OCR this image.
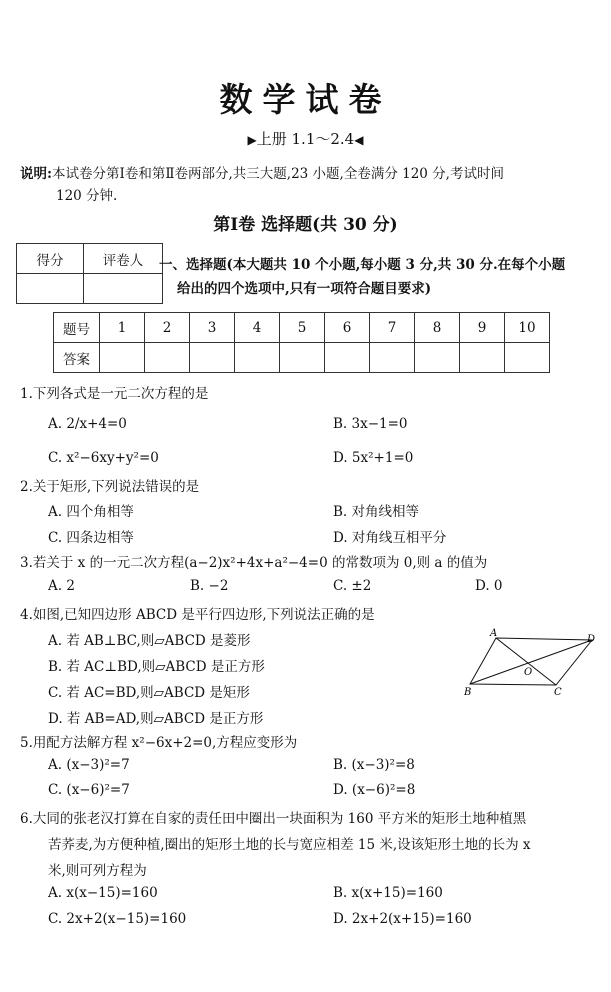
数学试卷
▶上册 1.1～2.4◀
说明:本试卷分第Ⅰ卷和第Ⅱ卷两部分,共三大题,23 小题,全卷满分 120 分,考试时间
120 分钟.
第Ⅰ卷 选择题(共 30 分)
得分	评卷人
	一、选择题(本大题共 10 个小题,每小题 3 分,共 30 分.在每个小题
给出的四个选项中,只有一项符合题目要求)
题号	1	2	3	4	5	6	7	8	9	10
答案										
1.下列各式是一元二次方程的是
A. 2/x+4=0	B. 3x−1=0
C. x²−6xy+y²=0	D. 5x²+1=0
2.关于矩形,下列说法错误的是
A. 四个角相等	B. 对角线相等
C. 四条边相等	D. 对角线互相平分
3.若关于 x 的一元二次方程(a−2)x²+4x+a²−4=0 的常数项为 0,则 a 的值为
A. 2	B. −2	C. ±2	D. 0
4.如图,已知四边形 ABCD 是平行四边形,下列说法正确的是
A. 若 AB⊥BC,则▱ABCD 是菱形
B. 若 AC⊥BD,则▱ABCD 是正方形
C. 若 AC=BD,则▱ABCD 是矩形
D. 若 AB=AD,则▱ABCD 是正方形
A
D
B	C
O
5.用配方法解方程 x²−6x+2=0,方程应变形为
A. (x−3)²=7	B. (x−3)²=8
C. (x−6)²=7	D. (x−6)²=8
6.大同的张老汉打算在自家的责任田中圈出一块面积为 160 平方米的矩形土地种植黑
苦荞麦,为方便种植,圈出的矩形土地的长与宽应相差 15 米,设该矩形土地的长为 x
米,则可列方程为
A. x(x−15)=160	B. x(x+15)=160
C. 2x+2(x−15)=160	D. 2x+2(x+15)=160
